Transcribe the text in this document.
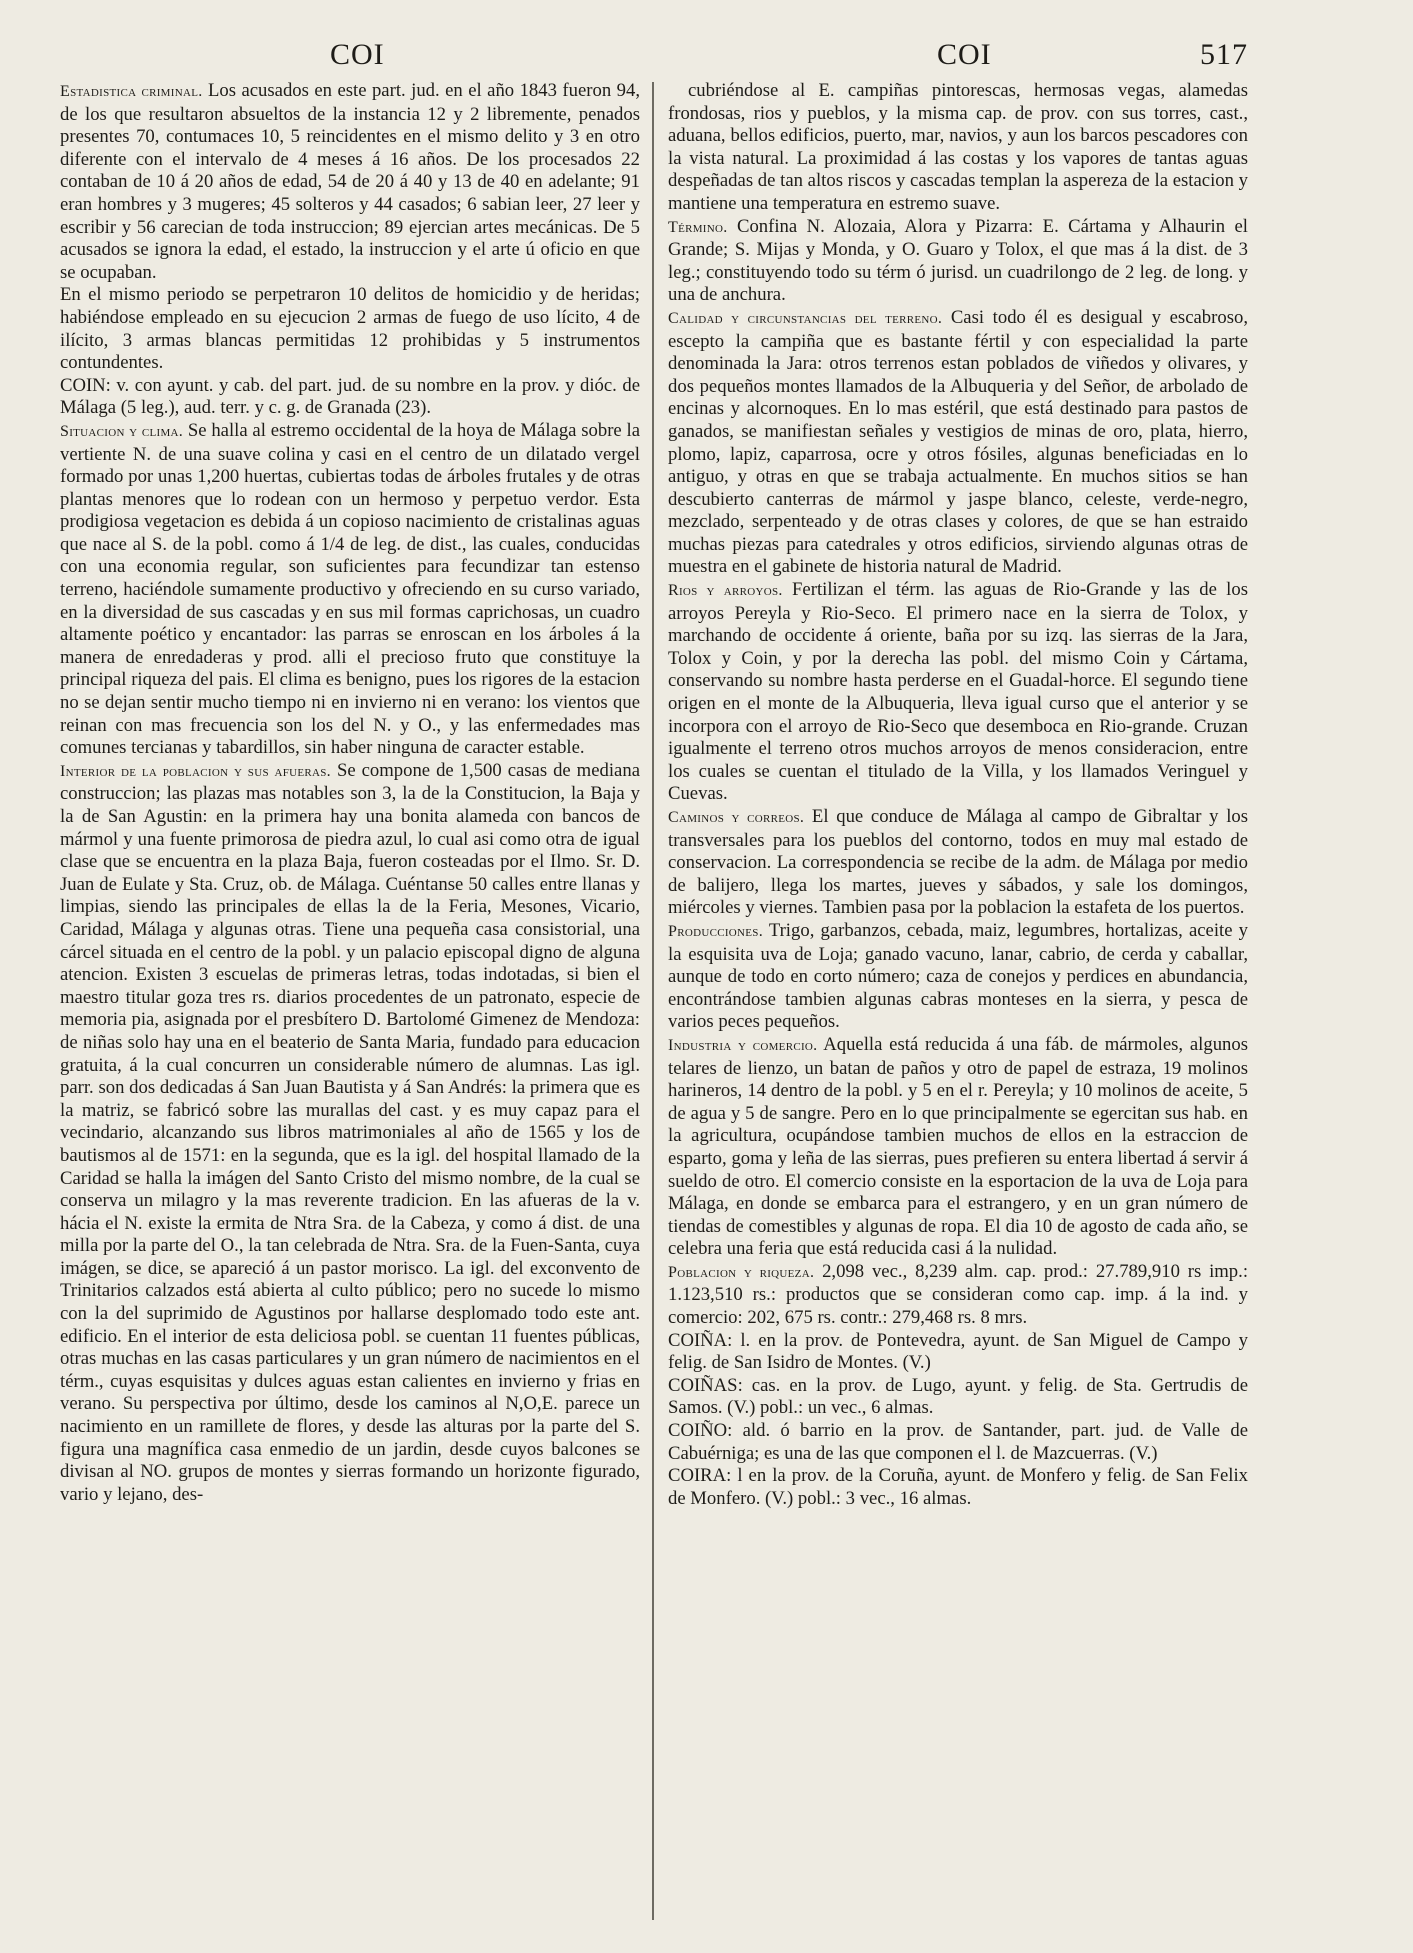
COI	COI	517

Estadistica criminal. Los acusados en este part. jud. en el año 1843 fueron 94, de los que resultaron absueltos de la instancia 12 y 2 libremente, penados presentes 70, contumaces 10, 5 reincidentes en el mismo delito y 3 en otro diferente con el intervalo de 4 meses á 16 años. De los procesados 22 contaban de 10 á 20 años de edad, 54 de 20 á 40 y 13 de 40 en adelante; 91 eran hombres y 3 mugeres; 45 solteros y 44 casados; 6 sabian leer, 27 leer y escribir y 56 carecian de toda instruccion; 89 ejercian artes mecánicas. De 5 acusados se ignora la edad, el estado, la instruccion y el arte ú oficio en que se ocupaban.

En el mismo periodo se perpetraron 10 delitos de homicidio y de heridas; habiéndose empleado en su ejecucion 2 armas de fuego de uso lícito, 4 de ilícito, 3 armas blancas permitidas 12 prohibidas y 5 instrumentos contundentes.

COIN: v. con ayunt. y cab. del part. jud. de su nombre en la prov. y dióc. de Málaga (5 leg.), aud. terr. y c. g. de Granada (23).

Situacion y clima. Se halla al estremo occidental de la hoya de Málaga sobre la vertiente N. de una suave colina y casi en el centro de un dilatado vergel formado por unas 1,200 huertas, cubiertas todas de árboles frutales y de otras plantas menores que lo rodean con un hermoso y perpetuo verdor. Esta prodigiosa vegetacion es debida á un copioso nacimiento de cristalinas aguas que nace al S. de la pobl. como á 1/4 de leg. de dist., las cuales, conducidas con una economia regular, son suficientes para fecundizar tan estenso terreno, haciéndole sumamente productivo y ofreciendo en su curso variado, en la diversidad de sus cascadas y en sus mil formas caprichosas, un cuadro altamente poético y encantador: las parras se enroscan en los árboles á la manera de enredaderas y prod. alli el precioso fruto que constituye la principal riqueza del pais. El clima es benigno, pues los rigores de la estacion no se dejan sentir mucho tiempo ni en invierno ni en verano: los vientos que reinan con mas frecuencia son los del N. y O., y las enfermedades mas comunes tercianas y tabardillos, sin haber ninguna de caracter estable.

Interior de la poblacion y sus afueras. Se compone de 1,500 casas de mediana construccion; las plazas mas notables son 3, la de la Constitucion, la Baja y la de San Agustin: en la primera hay una bonita alameda con bancos de mármol y una fuente primorosa de piedra azul, lo cual asi como otra de igual clase que se encuentra en la plaza Baja, fueron costeadas por el Ilmo. Sr. D. Juan de Eulate y Sta. Cruz, ob. de Málaga. Cuéntanse 50 calles entre llanas y limpias, siendo las principales de ellas la de la Feria, Mesones, Vicario, Caridad, Málaga y algunas otras. Tiene una pequeña casa consistorial, una cárcel situada en el centro de la pobl. y un palacio episcopal digno de alguna atencion. Existen 3 escuelas de primeras letras, todas indotadas, si bien el maestro titular goza tres rs. diarios procedentes de un patronato, especie de memoria pia, asignada por el presbítero D. Bartolomé Gimenez de Mendoza: de niñas solo hay una en el beaterio de Santa Maria, fundado para educacion gratuita, á la cual concurren un considerable número de alumnas. Las igl. parr. son dos dedicadas á San Juan Bautista y á San Andrés: la primera que es la matriz, se fabricó sobre las murallas del cast. y es muy capaz para el vecindario, alcanzando sus libros matrimoniales al año de 1565 y los de bautismos al de 1571: en la segunda, que es la igl. del hospital llamado de la Caridad se halla la imágen del Santo Cristo del mismo nombre, de la cual se conserva un milagro y la mas reverente tradicion. En las afueras de la v. hácia el N. existe la ermita de Ntra Sra. de la Cabeza, y como á dist. de una milla por la parte del O., la tan celebrada de Ntra. Sra. de la Fuen-Santa, cuya imágen, se dice, se apareció á un pastor morisco. La igl. del exconvento de Trinitarios calzados está abierta al culto público; pero no sucede lo mismo con la del suprimido de Agustinos por hallarse desplomado todo este ant. edificio. En el interior de esta deliciosa pobl. se cuentan 11 fuentes públicas, otras muchas en las casas particulares y un gran número de nacimientos en el térm., cuyas esquisitas y dulces aguas estan calientes en invierno y frias en verano. Su perspectiva por último, desde los caminos al N,O,E. parece un nacimiento en un ramillete de flores, y desde las alturas por la parte del S. figura una magnífica casa enmedio de un jardin, desde cuyos balcones se divisan al NO. grupos de montes y sierras formando un horizonte figurado, vario y lejano, des-

cubriéndose al E. campiñas pintorescas, hermosas vegas, alamedas frondosas, rios y pueblos, y la misma cap. de prov. con sus torres, cast., aduana, bellos edificios, puerto, mar, navios, y aun los barcos pescadores con la vista natural. La proximidad á las costas y los vapores de tantas aguas despeñadas de tan altos riscos y cascadas templan la aspereza de la estacion y mantiene una temperatura en estremo suave.

Término. Confina N. Alozaia, Alora y Pizarra: E. Cártama y Alhaurin el Grande; S. Mijas y Monda, y O. Guaro y Tolox, el que mas á la dist. de 3 leg.; constituyendo todo su térm ó jurisd. un cuadrilongo de 2 leg. de long. y una de anchura.

Calidad y circunstancias del terreno. Casi todo él es desigual y escabroso, escepto la campiña que es bastante fértil y con especialidad la parte denominada la Jara: otros terrenos estan poblados de viñedos y olivares, y dos pequeños montes llamados de la Albuqueria y del Señor, de arbolado de encinas y alcornoques. En lo mas estéril, que está destinado para pastos de ganados, se manifiestan señales y vestigios de minas de oro, plata, hierro, plomo, lapiz, caparrosa, ocre y otros fósiles, algunas beneficiadas en lo antiguo, y otras en que se trabaja actualmente. En muchos sitios se han descubierto canterras de mármol y jaspe blanco, celeste, verde-negro, mezclado, serpenteado y de otras clases y colores, de que se han estraido muchas piezas para catedrales y otros edificios, sirviendo algunas otras de muestra en el gabinete de historia natural de Madrid.

Rios y arroyos. Fertilizan el térm. las aguas de Rio-Grande y las de los arroyos Pereyla y Rio-Seco. El primero nace en la sierra de Tolox, y marchando de occidente á oriente, baña por su izq. las sierras de la Jara, Tolox y Coin, y por la derecha las pobl. del mismo Coin y Cártama, conservando su nombre hasta perderse en el Guadal-horce. El segundo tiene origen en el monte de la Albuqueria, lleva igual curso que el anterior y se incorpora con el arroyo de Rio-Seco que desemboca en Rio-grande. Cruzan igualmente el terreno otros muchos arroyos de menos consideracion, entre los cuales se cuentan el titulado de la Villa, y los llamados Veringuel y Cuevas.

Caminos y correos. El que conduce de Málaga al campo de Gibraltar y los transversales para los pueblos del contorno, todos en muy mal estado de conservacion. La correspondencia se recibe de la adm. de Málaga por medio de balijero, llega los martes, jueves y sábados, y sale los domingos, miércoles y viernes. Tambien pasa por la poblacion la estafeta de los puertos.

Producciones. Trigo, garbanzos, cebada, maiz, legumbres, hortalizas, aceite y la esquisita uva de Loja; ganado vacuno, lanar, cabrio, de cerda y caballar, aunque de todo en corto número; caza de conejos y perdices en abundancia, encontrándose tambien algunas cabras monteses en la sierra, y pesca de varios peces pequeños.

Industria y comercio. Aquella está reducida á una fáb. de mármoles, algunos telares de lienzo, un batan de paños y otro de papel de estraza, 19 molinos harineros, 14 dentro de la pobl. y 5 en el r. Pereyla; y 10 molinos de aceite, 5 de agua y 5 de sangre. Pero en lo que principalmente se egercitan sus hab. en la agricultura, ocupándose tambien muchos de ellos en la estraccion de esparto, goma y leña de las sierras, pues prefieren su entera libertad á servir á sueldo de otro. El comercio consiste en la esportacion de la uva de Loja para Málaga, en donde se embarca para el estrangero, y en un gran número de tiendas de comestibles y algunas de ropa. El dia 10 de agosto de cada año, se celebra una feria que está reducida casi á la nulidad.

Poblacion y riqueza. 2,098 vec., 8,239 alm. cap. prod.: 27.789,910 rs imp.: 1.123,510 rs.: productos que se consideran como cap. imp. á la ind. y comercio: 202, 675 rs. contr.: 279,468 rs. 8 mrs.

COIÑA: l. en la prov. de Pontevedra, ayunt. de San Miguel de Campo y felig. de San Isidro de Montes. (V.)

COIÑAS: cas. en la prov. de Lugo, ayunt. y felig. de Sta. Gertrudis de Samos. (V.) pobl.: un vec., 6 almas.

COIÑO: ald. ó barrio en la prov. de Santander, part. jud. de Valle de Cabuérniga; es una de las que componen el l. de Mazcuerras. (V.)

COIRA: l en la prov. de la Coruña, ayunt. de Monfero y felig. de San Felix de Monfero. (V.) pobl.: 3 vec., 16 almas.
